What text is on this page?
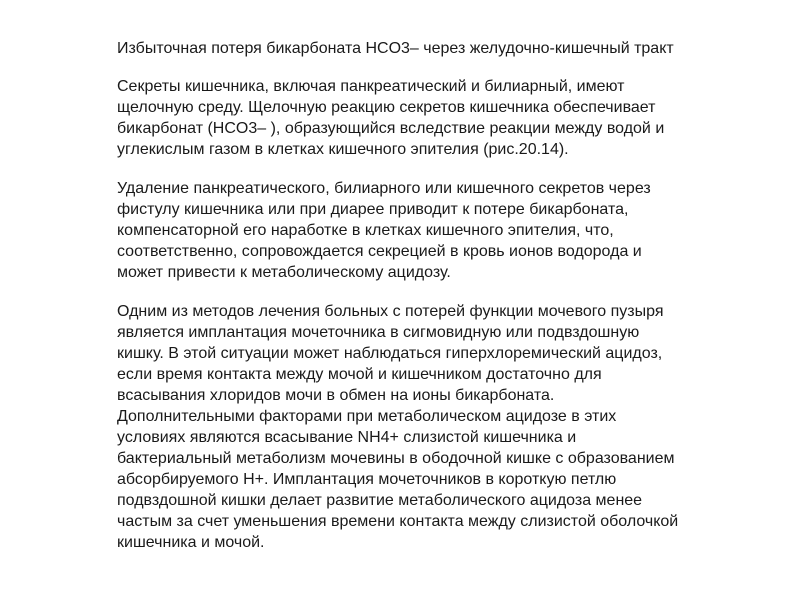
Избыточная потеря бикарбоната HCO3– через желудочно-кишечный тракт
Секреты кишечника, включая панкреатический и билиарный, имеют
щелочную среду. Щелочную реакцию секретов кишечника обеспечивает
бикарбонат (HCO3– ), образующийся вследствие реакции между водой и
углекислым газом в клетках кишечного эпителия (рис.20.14).
Удаление панкреатического, билиарного или кишечного секретов через
фистулу кишечника или при диарее приводит к потере бикарбоната,
компенсаторной его наработке в клетках кишечного эпителия, что,
соответственно, сопровождается секрецией в кровь ионов водорода и
может привести к метаболическому ацидозу.
Одним из методов лечения больных с потерей функции мочевого пузыря
является имплантация мочеточника в сигмовидную или подвздошную
кишку. В этой ситуации может наблюдаться гиперхлоремический ацидоз,
если время контакта между мочой и кишечником достаточно для
всасывания хлоридов мочи в обмен на ионы бикарбоната.
Дополнительными факторами при метаболическом ацидозе в этих
условиях являются всасывание NH4+ слизистой кишечника и
бактериальный метаболизм мочевины в ободочной кишке с образованием
абсорбируемого H+. Имплантация мочеточников в короткую петлю
подвздошной кишки делает развитие метаболического ацидоза менее
частым за счет уменьшения времени контакта между слизистой оболочкой
кишечника и мочой.
